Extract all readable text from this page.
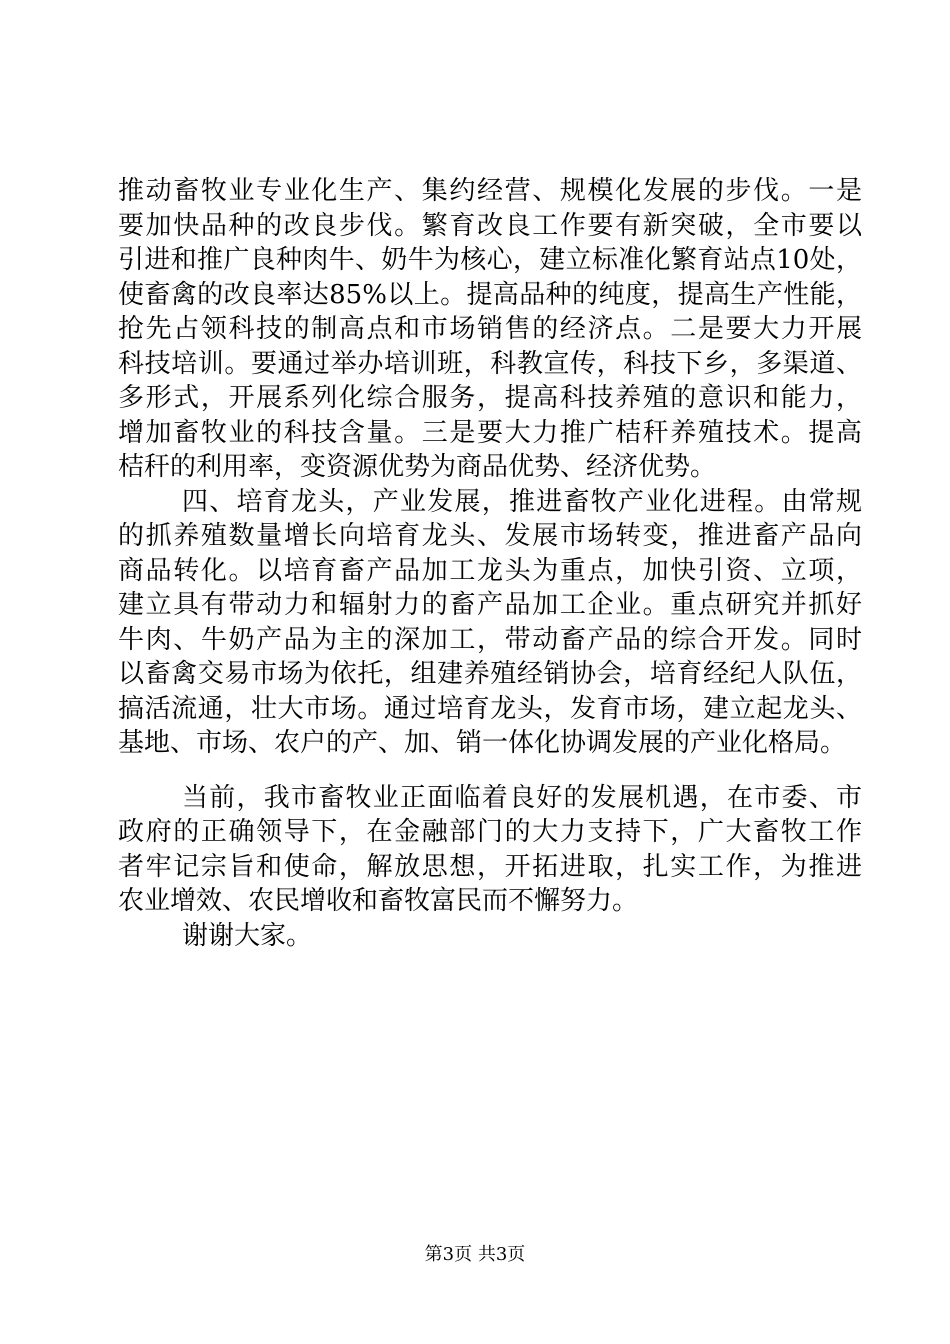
推动畜牧业专业化生产、集约经营、规模化发展的步伐。一是
要加快品种的改良步伐。繁育改良工作要有新突破，全市要以
引进和推广良种肉牛、奶牛为核心，建立标准化繁育站点10处，
使畜禽的改良率达85%以上。提高品种的纯度，提高生产性能，
抢先占领科技的制高点和市场销售的经济点。二是要大力开展
科技培训。要通过举办培训班，科教宣传，科技下乡，多渠道、
多形式，开展系列化综合服务，提高科技养殖的意识和能力，
增加畜牧业的科技含量。三是要大力推广桔秆养殖技术。提高
桔秆的利用率，变资源优势为商品优势、经济优势。
四、培育龙头，产业发展，推进畜牧产业化进程。由常规
的抓养殖数量增长向培育龙头、发展市场转变，推进畜产品向
商品转化。以培育畜产品加工龙头为重点，加快引资、立项，
建立具有带动力和辐射力的畜产品加工企业。重点研究并抓好
牛肉、牛奶产品为主的深加工，带动畜产品的综合开发。同时
以畜禽交易市场为依托，组建养殖经销协会，培育经纪人队伍，
搞活流通，壮大市场。通过培育龙头，发育市场，建立起龙头、
基地、市场、农户的产、加、销一体化协调发展的产业化格局。
当前，我市畜牧业正面临着良好的发展机遇，在市委、市
政府的正确领导下，在金融部门的大力支持下，广大畜牧工作
者牢记宗旨和使命，解放思想，开拓进取，扎实工作，为推进
农业增效、农民增收和畜牧富民而不懈努力。
谢谢大家。
第3页 共3页
